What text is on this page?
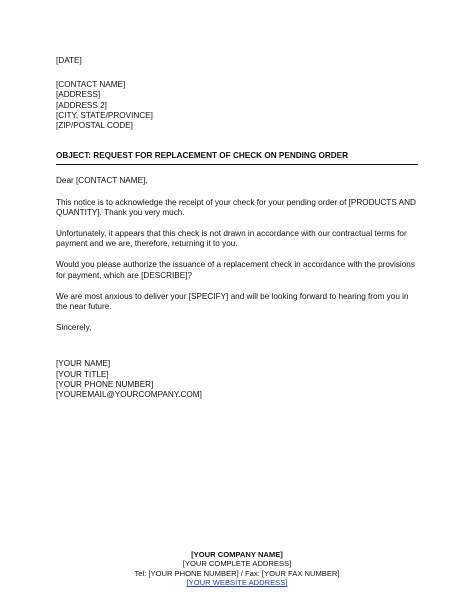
[DATE]
[CONTACT NAME]
[ADDRESS]
[ADDRESS 2]
[CITY, STATE/PROVINCE]
[ZIP/POSTAL CODE]
OBJECT: REQUEST FOR REPLACEMENT OF CHECK ON PENDING ORDER
Dear [CONTACT NAME],
This notice is to acknowledge the receipt of your check for your pending order of [PRODUCTS AND QUANTITY]. Thank you very much.
Unfortunately, it appears that this check is not drawn in accordance with our contractual terms for payment and we are, therefore, returning it to you.
Would you please authorize the issuance of a replacement check in accordance with the provisions for payment, which are [DESCRIBE]?
We are most anxious to deliver your [SPECIFY] and will be looking forward to hearing from you in the near future.
Sincerely,
[YOUR NAME]
[YOUR TITLE]
[YOUR PHONE NUMBER]
[YOUREMAIL@YOURCOMPANY.COM]
[YOUR COMPANY NAME]
[YOUR COMPLETE ADDRESS]
Tel: [YOUR PHONE NUMBER] / Fax: [YOUR FAX NUMBER]
[YOUR WEBSITE ADDRESS]
